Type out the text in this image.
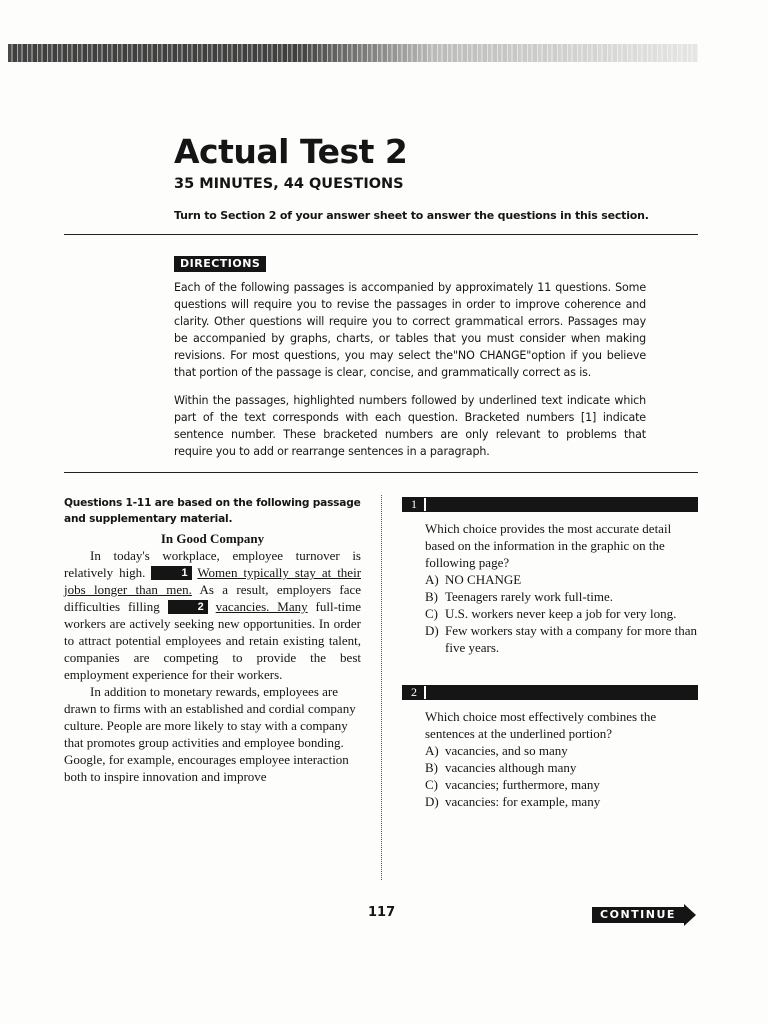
Actual Test 2
35 MINUTES, 44 QUESTIONS
Turn to Section 2 of your answer sheet to answer the questions in this section.
DIRECTIONS

Each of the following passages is accompanied by approximately 11 questions. Some questions will require you to revise the passages in order to improve coherence and clarity. Other questions will require you to correct grammatical errors. Passages may be accompanied by graphs, charts, or tables that you must consider when making revisions. For most questions, you may select the"NO CHANGE"option if you believe that portion of the passage is clear, concise, and grammatically correct as is.

Within the passages, highlighted numbers followed by underlined text indicate which part of the text corresponds with each question. Bracketed numbers [1] indicate sentence number. These bracketed numbers are only relevant to problems that require you to add or rearrange sentences in a paragraph.

Questions 1-11 are based on the following passage and supplementary material.
In Good Company

In today's workplace, employee turnover is relatively high.	1 Women typically stay at their jobs longer than men. As a result, employers face difficulties filling	2 vacancies. Many full-time workers are actively seeking new opportunities. In order to attract potential employees and retain existing talent, companies are competing to provide the best employment experience for their workers.

In addition to monetary rewards, employees are drawn to firms with an established and cordial company culture. People are more likely to stay with a company that promotes group activities and employee bonding. Google, for example, encourages employee interaction both to inspire innovation and improve

1

Which choice provides the most accurate detail based on the information in the graphic on the following page?

A) NO CHANGE
B) Teenagers rarely work full-time.
C) U.S. workers never keep a job for very long.
D) Few workers stay with a company for more than five years.
2

Which choice most effectively combines the sentences at the underlined portion?

A) vacancies, and so many
B) vacancies although many
C) vacancies; furthermore, many
D) vacancies: for example, many
117	CONTINUE
